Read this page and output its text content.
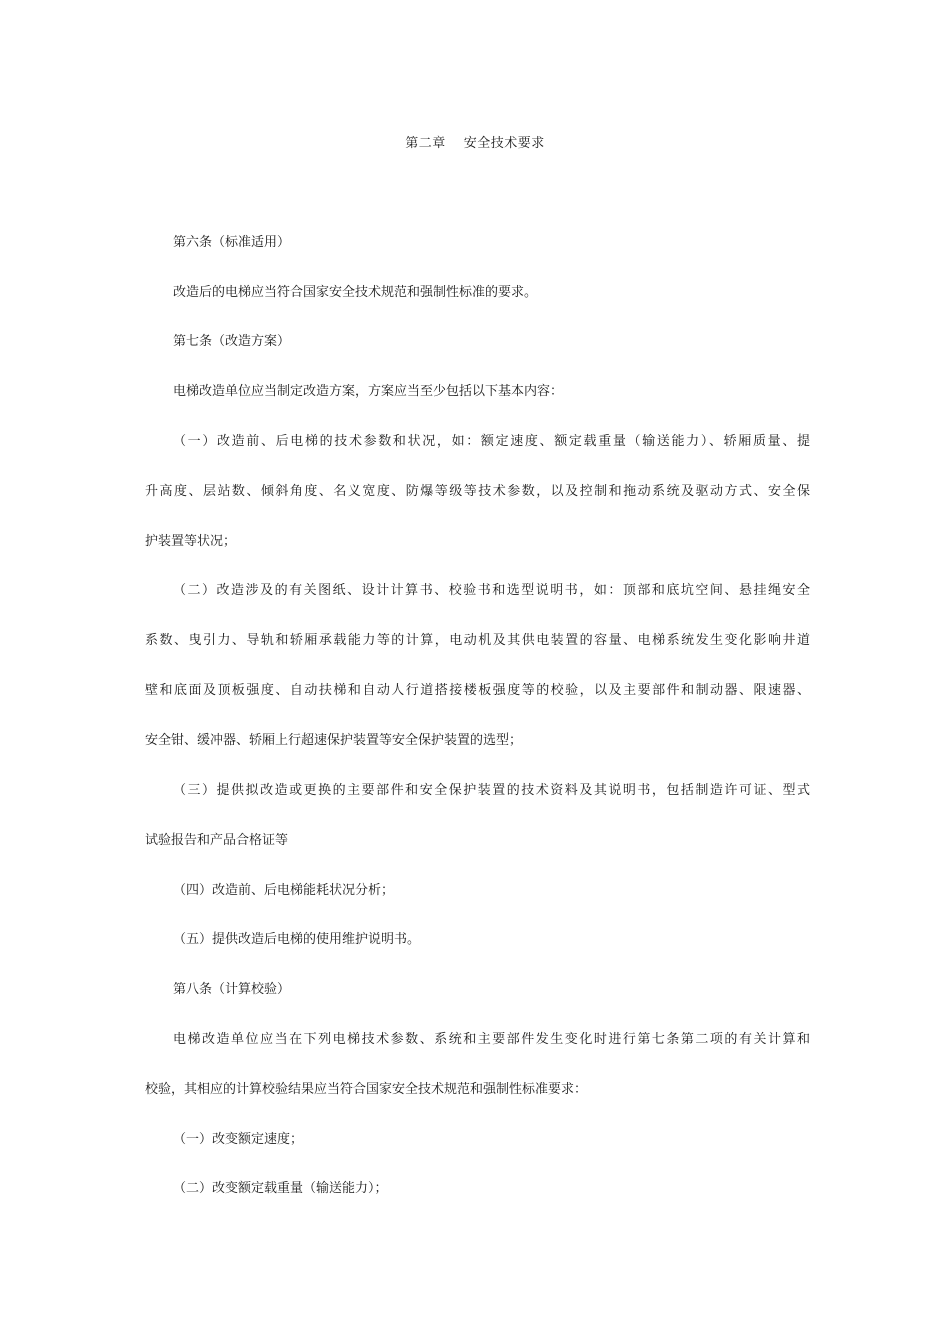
第二章 安全技术要求
第六条（标准适用）
改造后的电梯应当符合国家安全技术规范和强制性标准的要求。
第七条（改造方案）
电梯改造单位应当制定改造方案，方案应当至少包括以下基本内容：
（一）改造前、后电梯的技术参数和状况，如：额定速度、额定载重量（输送能力）、轿厢质量、提
升高度、层站数、倾斜角度、名义宽度、防爆等级等技术参数，以及控制和拖动系统及驱动方式、安全保
护装置等状况；
（二）改造涉及的有关图纸、设计计算书、校验书和选型说明书，如：顶部和底坑空间、悬挂绳安全
系数、曳引力、导轨和轿厢承载能力等的计算，电动机及其供电装置的容量、电梯系统发生变化影响井道
壁和底面及顶板强度、自动扶梯和自动人行道搭接楼板强度等的校验，以及主要部件和制动器、限速器、
安全钳、缓冲器、轿厢上行超速保护装置等安全保护装置的选型；
（三）提供拟改造或更换的主要部件和安全保护装置的技术资料及其说明书，包括制造许可证、型式
试验报告和产品合格证等
（四）改造前、后电梯能耗状况分析；
（五）提供改造后电梯的使用维护说明书。
第八条（计算校验）
电梯改造单位应当在下列电梯技术参数、系统和主要部件发生变化时进行第七条第二项的有关计算和
校验，其相应的计算校验结果应当符合国家安全技术规范和强制性标准要求：
（一）改变额定速度；
（二）改变额定载重量（输送能力）；
